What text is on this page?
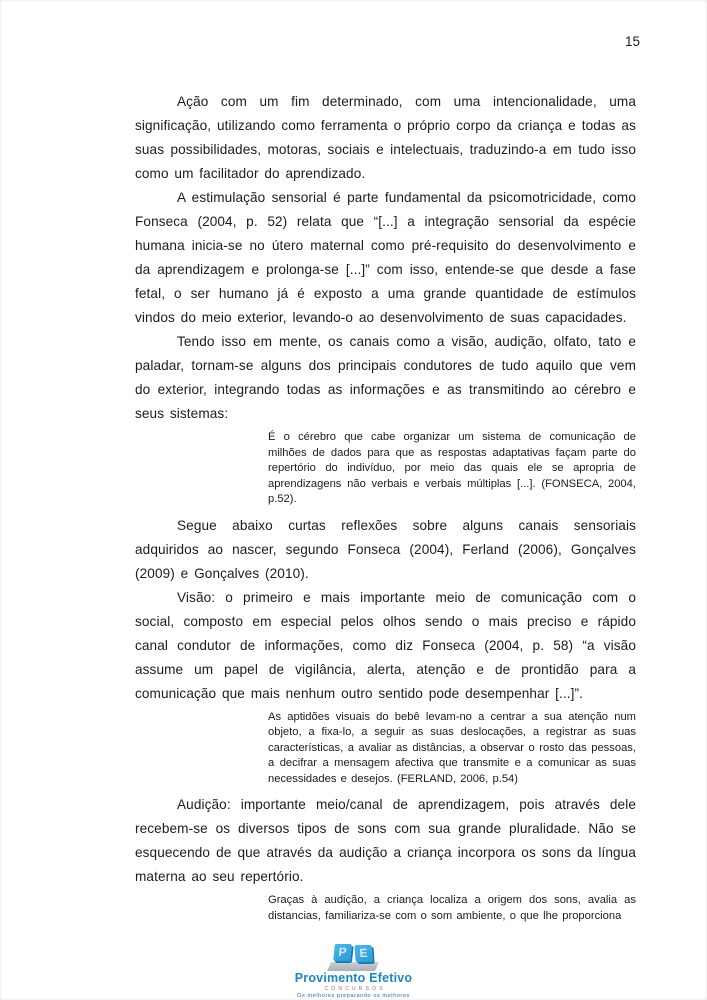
15

Ação com um fim determinado, com uma intencionalidade, uma significação, utilizando como ferramenta o próprio corpo da criança e todas as suas possibilidades, motoras, sociais e intelectuais, traduzindo-a em tudo isso como um facilitador do aprendizado.

A estimulação sensorial é parte fundamental da psicomotricidade, como Fonseca (2004, p. 52) relata que “[...] a integração sensorial da espécie humana inicia-se no útero maternal como pré-requisito do desenvolvimento e da aprendizagem e prolonga-se [...]” com isso, entende-se que desde a fase fetal, o ser humano já é exposto a uma grande quantidade de estímulos vindos do meio exterior, levando-o ao desenvolvimento de suas capacidades.

Tendo isso em mente, os canais como a visão, audição, olfato, tato e paladar, tornam-se alguns dos principais condutores de tudo aquilo que vem do exterior, integrando todas as informações e as transmitindo ao cérebro e seus sistemas:

É o cérebro que cabe organizar um sistema de comunicação de milhões de dados para que as respostas adaptativas façam parte do repertório do indivíduo, por meio das quais ele se apropria de aprendizagens não verbais e verbais múltiplas [...]. (FONSECA, 2004, p.52).

Segue abaixo curtas reflexões sobre alguns canais sensoriais adquiridos ao nascer, segundo Fonseca (2004), Ferland (2006), Gonçalves (2009) e Gonçalves (2010).

Visão: o primeiro e mais importante meio de comunicação com o social, composto em especial pelos olhos sendo o mais preciso e rápido canal condutor de informações, como diz Fonseca (2004, p. 58) “a visão assume um papel de vigilância, alerta, atenção e de prontidão para a comunicação que mais nenhum outro sentido pode desempenhar [...]”.

As aptidões visuais do bebê levam-no a centrar a sua atenção num objeto, a fixa-lo, a seguir as suas deslocações, a registrar as suas características, a avaliar as distâncias, a observar o rosto das pessoas, a decifrar a mensagem afectiva que transmite e a comunicar as suas necessidades e desejos. (FERLAND, 2006, p.54)

Audição: importante meio/canal de aprendizagem, pois através dele recebem-se os diversos tipos de sons com sua grande pluralidade. Não se esquecendo de que através da audição a criança incorpora os sons da língua materna ao seu repertório.

Graças à audição, a criança localiza a origem dos sons, avalia as distancias, familiariza-se com o som ambiente, o que lhe proporciona
P E
Provimento Efetivo
CONCURSOS
Os melhores preparando os melhores
